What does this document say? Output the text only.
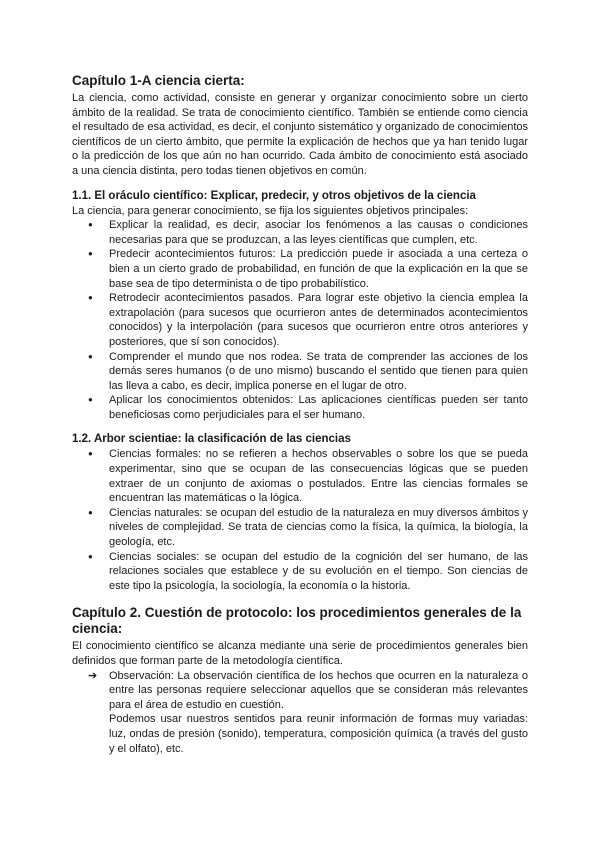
Capítulo 1-A ciencia cierta:

La ciencia, como actividad, consiste en generar y organizar conocimiento sobre un cierto ámbito de la realidad. Se trata de conocimiento científico. También se entiende como ciencia el resultado de esa actividad, es decir, el conjunto sistemático y organizado de conocimientos científicos de un cierto ámbito, que permite la explicación de hechos que ya han tenido lugar o la predicción de los que aún no han ocurrido. Cada ámbito de conocimiento está asociado a una ciencia distinta, pero todas tienen objetivos en común.

1.1. El oráculo científico: Explicar, predecir, y otros objetivos de la ciencia

La ciencia, para generar conocimiento, se fija los siguientes objetivos principales:

● Explicar la realidad, es decir, asociar los fenómenos a las causas o condiciones necesarias para que se produzcan, a las leyes científicas que cumplen, etc.
● Predecir acontecimientos futuros: La predicción puede ir asociada a una certeza o bien a un cierto grado de probabilidad, en función de que la explicación en la que se base sea de tipo determinista o de tipo probabilístico.
● Retrodecir acontecimientos pasados. Para lograr este objetivo la ciencia emplea la extrapolación (para sucesos que ocurrieron antes de determinados acontecimientos conocidos) y la interpolación (para sucesos que ocurrieron entre otros anteriores y posteriores, que sí son conocidos).
● Comprender el mundo que nos rodea. Se trata de comprender las acciones de los demás seres humanos (o de uno mismo) buscando el sentido que tienen para quien las lleva a cabo, es decir, implica ponerse en el lugar de otro.
● Aplicar los conocimientos obtenidos: Las aplicaciones científicas pueden ser tanto beneficiosas como perjudiciales para el ser humano.
1.2. Arbor scientiae: la clasificación de las ciencias
● Ciencias formales: no se refieren a hechos observables o sobre los que se pueda experimentar, sino que se ocupan de las consecuencias lógicas que se pueden extraer de un conjunto de axiomas o postulados. Entre las ciencias formales se encuentran las matemáticas o la lógica.
● Ciencias naturales: se ocupan del estudio de la naturaleza en muy diversos ámbitos y niveles de complejidad. Se trata de ciencias como la física, la química, la biología, la geología, etc.
● Ciencias sociales: se ocupan del estudio de la cognición del ser humano, de las relaciones sociales que establece y de su evolución en el tiempo. Son ciencias de este tipo la psicología, la sociología, la economía o la historia.
Capítulo 2. Cuestión de protocolo: los procedimientos generales de la ciencia:

El conocimiento científico se alcanza mediante una serie de procedimientos generales bien definidos que forman parte de la metodología científica.

➔ Observación: La observación científica de los hechos que ocurren en la naturaleza o entre las personas requiere seleccionar aquellos que se consideran más relevantes para el área de estudio en cuestión.
Podemos usar nuestros sentidos para reunir información de formas muy variadas: luz, ondas de presión (sonido), temperatura, composición química (a través del gusto y el olfato), etc.
